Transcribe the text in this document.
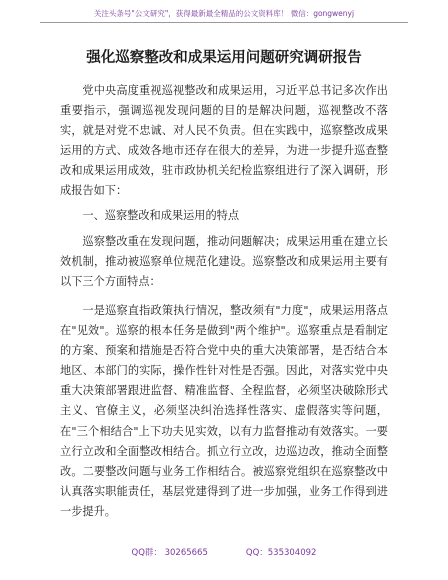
关注头条号"公文研究"，获得最新最全精品的公文资料库！ 微信：gongwenyj
强化巡察整改和成果运用问题研究调研报告

党中央高度重视巡视整改和成果运用，习近平总书记多次作出重要指示，强调巡视发现问题的目的是解决问题，巡视整改不落实，就是对党不忠诚、对人民不负责。但在实践中，巡察整改成果运用的方式、成效各地市还存在很大的差异，为进一步提升巡查整改和成果运用成效，驻市政协机关纪检监察组进行了深入调研，形成报告如下：

一、巡察整改和成果运用的特点

巡察整改重在发现问题，推动问题解决；成果运用重在建立长效机制，推动被巡察单位规范化建设。巡察整改和成果运用主要有以下三个方面特点：

一是巡察直指政策执行情况，整改须有"力度"，成果运用落点在"见效"。巡察的根本任务是做到"两个维护"。巡察重点是看制定的方案、预案和措施是否符合党中央的重大决策部署，是否结合本地区、本部门的实际，操作性针对性是否强。因此，对落实党中央重大决策部署跟进监督、精准监督、全程监督，必须坚决破除形式主义、官僚主义，必须坚决纠治选择性落实、虚假落实等问题，在"三个相结合"上下功夫见实效，以有力监督推动有效落实。一要立行立改和全面整改相结合。抓立行立改，边巡边改，推动全面整改。二要整改问题与业务工作相结合。被巡察党组织在巡察整改中认真落实职能责任，基层党建得到了进一步加强，业务工作得到进一步提升。

QQ群： 30265665	QQ：535304092
